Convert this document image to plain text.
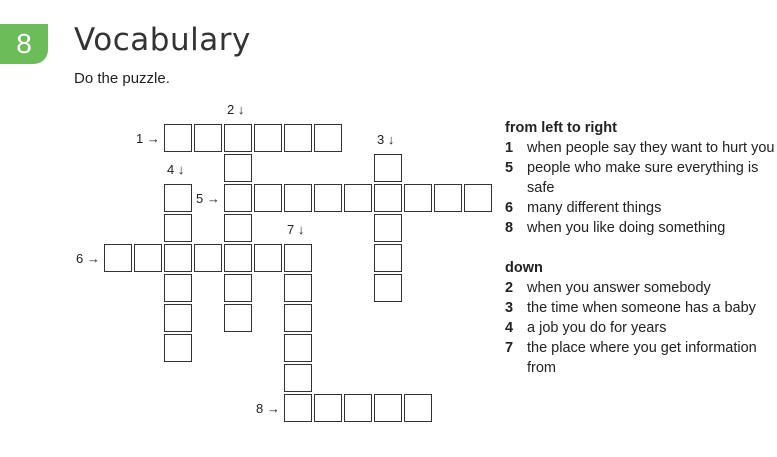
8	Vocabulary
Do the puzzle.
1 →
2 ↓
3 ↓
4 ↓
5 →
6 →
7 ↓
8 →
from left to right
1 when people say they want to hurt you
5 people who make sure everything is safe
6 many different things
8 when you like doing something
down
2 when you answer somebody
3 the time when someone has a baby
4 a job you do for years
7 the place where you get information from
